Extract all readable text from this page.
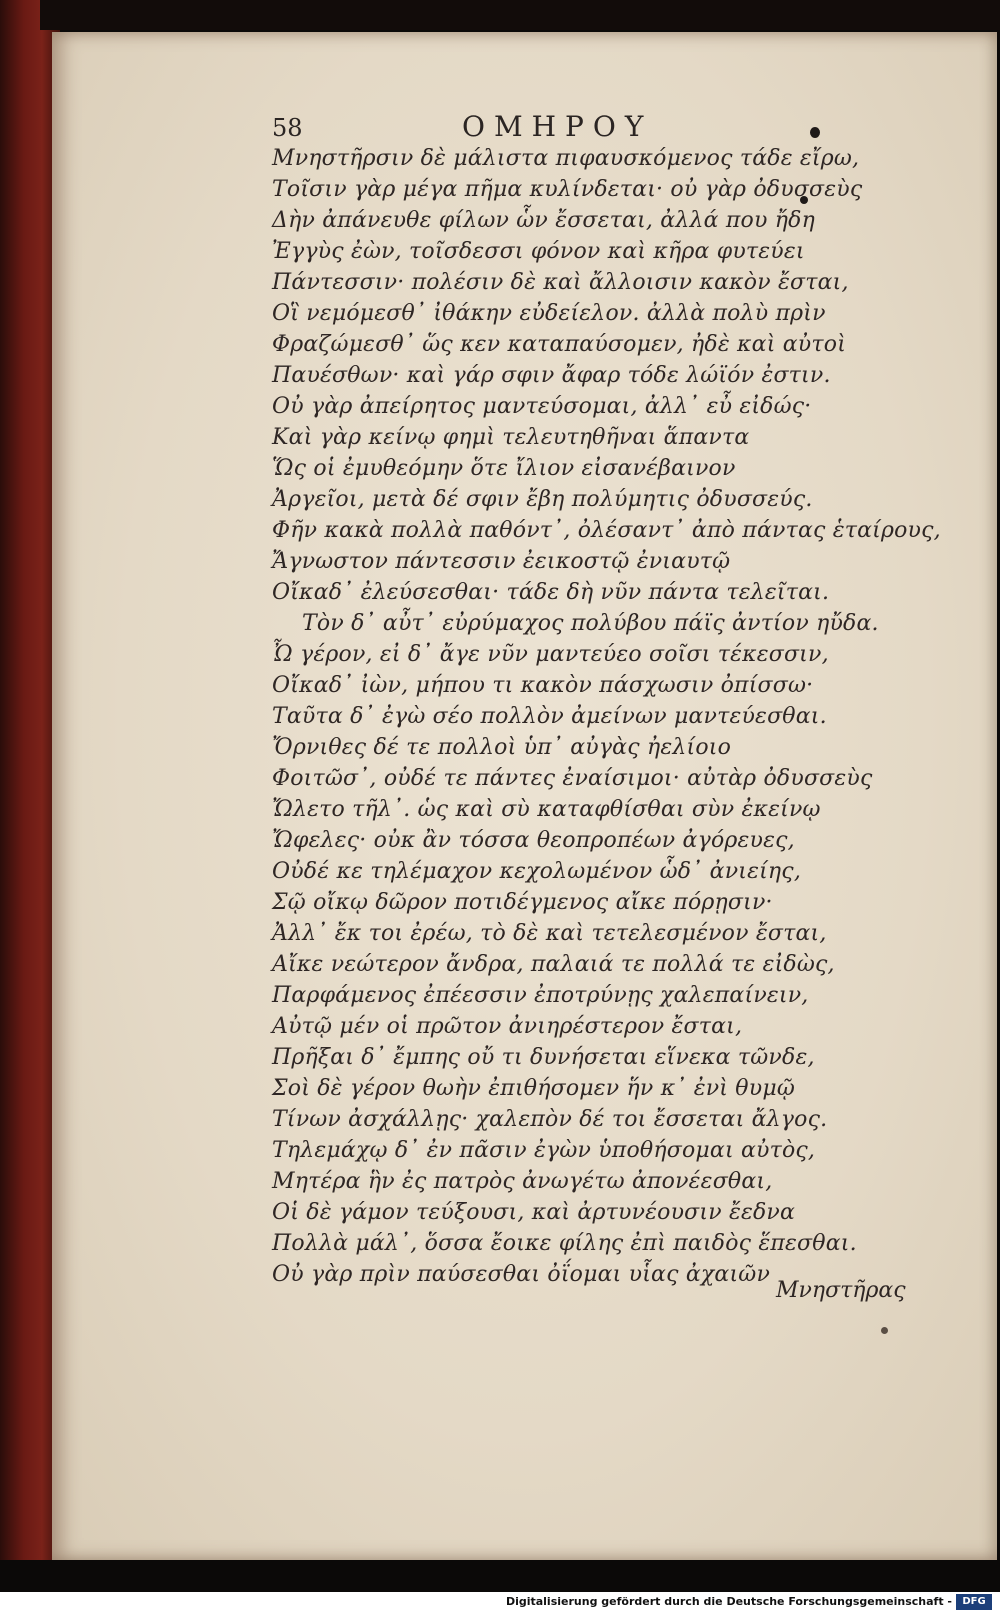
58	ΟΜΗΡΟΥ
Μνηστῆρσιν δὲ μάλιστα πιφαυσκόμενος τάδε εἴρω,
Τοῖσιν γὰρ μέγα πῆμα κυλίνδεται· οὐ γὰρ ὀδυσσεὺς
Δὴν ἀπάνευθε φίλων ὧν ἔσσεται, ἀλλά που ἤδη
Ἐγγὺς ἐὼν, τοῖσδεσσι φόνον καὶ κῆρα φυτεύει
Πάντεσσιν· πολέσιν δὲ καὶ ἄλλοισιν κακὸν ἔσται,
Οἳ νεμόμεσθ᾽ ἰθάκην εὐδείελον. ἀλλὰ πολὺ πρὶν
Φραζώμεσθ᾽ ὥς κεν καταπαύσομεν, ἠδὲ καὶ αὐτοὶ
Παυέσθων· καὶ γάρ σφιν ἄφαρ τόδε λώϊόν ἐστιν.
Οὐ γὰρ ἀπείρητος μαντεύσομαι, ἀλλ᾽ εὖ εἰδώς·
Καὶ γὰρ κείνῳ φημὶ τελευτηθῆναι ἅπαντα
Ὥς οἱ ἐμυθεόμην ὅτε ἴλιον εἰσανέβαινον
Ἀργεῖοι, μετὰ δέ σφιν ἔβη πολύμητις ὀδυσσεύς.
Φῆν κακὰ πολλὰ παθόντ᾽, ὀλέσαντ᾽ ἀπὸ πάντας ἑταίρους,
Ἄγνωστον πάντεσσιν ἐεικοστῷ ἐνιαυτῷ
Οἴκαδ᾽ ἐλεύσεσθαι· τάδε δὴ νῦν πάντα τελεῖται.
Τὸν δ᾽ αὖτ᾽ εὐρύμαχος πολύβου πάϊς ἀντίον ηὔδα.
Ὦ γέρον, εἰ δ᾽ ἄγε νῦν μαντεύεο σοῖσι τέκεσσιν,
Οἴκαδ᾽ ἰὼν, μήπου τι κακὸν πάσχωσιν ὀπίσσω·
Ταῦτα δ᾽ ἐγὼ σέο πολλὸν ἀμείνων μαντεύεσθαι.
Ὄρνιθες δέ τε πολλοὶ ὑπ᾽ αὐγὰς ἠελίοιο
Φοιτῶσ᾽, οὐδέ τε πάντες ἐναίσιμοι· αὐτὰρ ὀδυσσεὺς
Ὤλετο τῆλ᾽. ὡς καὶ σὺ καταφθίσθαι σὺν ἐκείνῳ
Ὤφελες· οὐκ ἂν τόσσα θεοπροπέων ἀγόρευες,
Οὐδέ κε τηλέμαχον κεχολωμένον ὧδ᾽ ἀνιείης,
Σῷ οἴκῳ δῶρον ποτιδέγμενος αἴκε πόρῃσιν·
Ἀλλ᾽ ἔκ τοι ἐρέω, τὸ δὲ καὶ τετελεσμένον ἔσται,
Αἴκε νεώτερον ἄνδρα, παλαιά τε πολλά τε εἰδὼς,
Παρφάμενος ἐπέεσσιν ἐποτρύνῃς χαλεπαίνειν,
Αὐτῷ μέν οἱ πρῶτον ἀνιηρέστερον ἔσται,
Πρῆξαι δ᾽ ἔμπης οὔ τι δυνήσεται εἵνεκα τῶνδε,
Σοὶ δὲ γέρον θωὴν ἐπιθήσομεν ἥν κ᾽ ἐνὶ θυμῷ
Τίνων ἀσχάλλῃς· χαλεπὸν δέ τοι ἔσσεται ἄλγος.
Τηλεμάχῳ δ᾽ ἐν πᾶσιν ἐγὼν ὑποθήσομαι αὐτὸς,
Μητέρα ἣν ἐς πατρὸς ἀνωγέτω ἀπονέεσθαι,
Οἱ δὲ γάμον τεύξουσι, καὶ ἀρτυνέουσιν ἔεδνα
Πολλὰ μάλ᾽, ὅσσα ἔοικε φίλης ἐπὶ παιδὸς ἕπεσθαι.
Οὐ γὰρ πρὶν παύσεσθαι ὀΐομαι υἷας ἀχαιῶν
Μνηστῆρας
Digitalisierung gefördert durch die Deutsche Forschungsgemeinschaft -	DFG
